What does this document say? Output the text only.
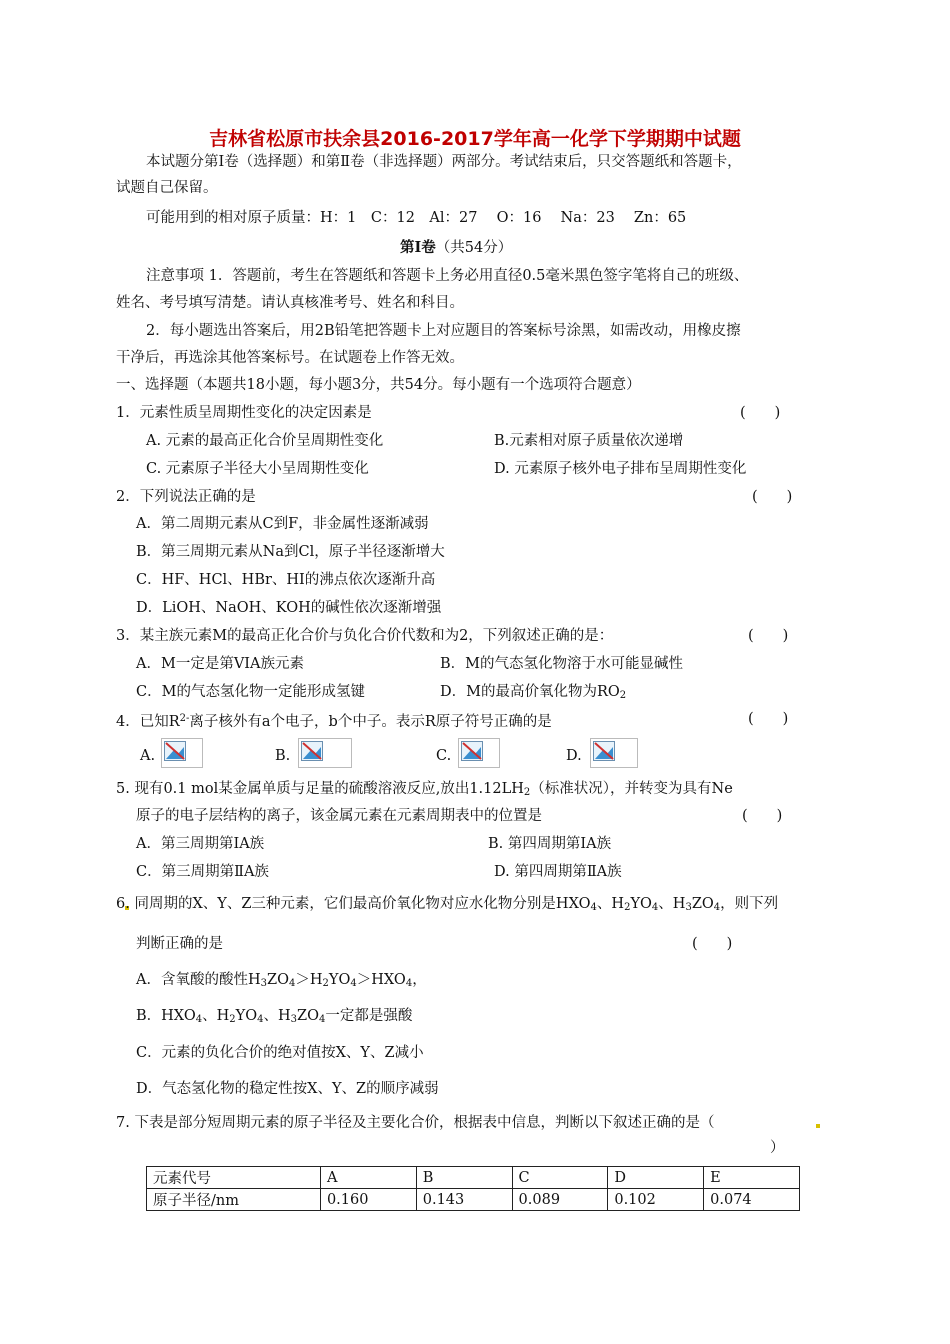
吉林省松原市扶余县2016-2017学年高一化学下学期期中试题
本试题分第Ⅰ卷（选择题）和第Ⅱ卷（非选择题）两部分。考试结束后，只交答题纸和答题卡，
试题自己保留。
可能用到的相对原子质量：H：1　C：12　Al：27　 O：16　 Na：23　 Zn：65
第Ⅰ卷（共54分）
注意事项 1．答题前，考生在答题纸和答题卡上务必用直径0.5毫米黑色签字笔将自己的班级、
姓名、考号填写清楚。请认真核准考号、姓名和科目。
2．每小题选出答案后，用2B铅笔把答题卡上对应题目的答案标号涂黑，如需改动，用橡皮擦
干净后，再选涂其他答案标号。在试题卷上作答无效。
一、选择题（本题共18小题，每小题3分，共54分。每小题有一个选项符合题意）
1．元素性质呈周期性变化的决定因素是	(　　)
A. 元素的最高正化合价呈周期性变化	B.元素相对原子质量依次递增
C. 元素原子半径大小呈周期性变化	D. 元素原子核外电子排布呈周期性变化
2．下列说法正确的是	(　　)
A．第二周期元素从C到F，非金属性逐渐减弱
B．第三周期元素从Na到Cl，原子半径逐渐增大
C．HF、HCl、HBr、HI的沸点依次逐渐升高
D．LiOH、NaOH、KOH的碱性依次逐渐增强
3．某主族元素M的最高正化合价与负化合价代数和为2，下列叙述正确的是：	(　　)
A．M一定是第VIA族元素	B．M的气态氢化物溶于水可能显碱性
C．M的气态氢化物一定能形成氢键	D．M的最高价氧化物为$RO_2$
4．已知$R^{2-}$离子核外有a个电子，b个中子。表示R原子符号正确的是	(　　)
A.	B.	C.	D.
5. 现有0.1 mol某金属单质与足量的硫酸溶液反应,放出$1.12LH_2$（标准状况），并转变为具有Ne
原子的电子层结构的离子，该金属元素在元素周期表中的位置是	(　　)
A．第三周期第IA族	B. 第四周期第IA族
C．第三周期第ⅡA族	D. 第四周期第ⅡA族
6. 同周期的X、Y、Z三种元素，它们最高价氧化物对应水化物分别是$HXO_4$、$H_2YO_4$、$H_3ZO_4$，则下列
判断正确的是	(　　)
A．含氧酸的酸性$H_3ZO_4>H_2YO_4>HXO_4$，
B．$HXO_4$、$H_2YO_4$、$H_3ZO_4$一定都是强酸
C．元素的负化合价的绝对值按X、Y、Z减小
D．气态氢化物的稳定性按X、Y、Z的顺序减弱
7. 下表是部分短周期元素的原子半径及主要化合价，根据表中信息，判断以下叙述正确的是（
）
元素代号	A	B	C	D	E
原子半径/nm	0.160	0.143	0.089	0.102	0.074
